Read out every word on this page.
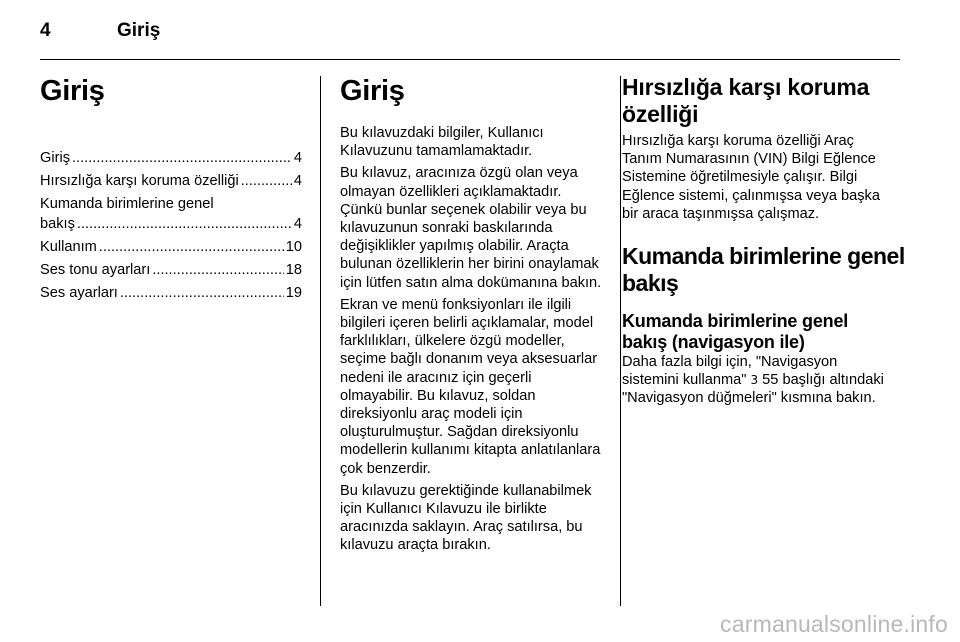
4	Giriş
Giriş
Giriş .....	4
Hırsızlığa karşı koruma özelliği .....	4
Kumanda birimlerine genel
bakış .....	4
Kullanım .....	10
Ses tonu ayarları .....	18
Ses ayarları .....	19
Giriş

Bu kılavuzdaki bilgiler, Kullanıcı Kılavuzunu tamamlamaktadır.

Bu kılavuz, aracınıza özgü olan veya olmayan özellikleri açıklamaktadır. Çünkü bunlar seçenek olabilir veya bu kılavuzunun sonraki baskılarında değişiklikler yapılmış olabilir. Araçta bulunan özelliklerin her birini onaylamak için lütfen satın alma dokümanına bakın.

Ekran ve menü fonksiyonları ile ilgili bilgileri içeren belirli açıklamalar, model farklılıkları, ülkelere özgü modeller, seçime bağlı donanım veya aksesuarlar nedeni ile aracınız için geçerli olmayabilir. Bu kılavuz, soldan direksiyonlu araç modeli için oluşturulmuştur. Sağdan direksiyonlu modellerin kullanımı kitapta anlatılanlara çok benzerdir.

Bu kılavuzu gerektiğinde kullanabilmek için Kullanıcı Kılavuzu ile birlikte aracınızda saklayın. Araç satılırsa, bu kılavuzu araçta bırakın.

Hırsızlığa karşı koruma özelliği

Hırsızlığa karşı koruma özelliği Araç Tanım Numarasının (VIN) Bilgi Eğlence Sistemine öğretilmesiyle çalışır. Bilgi Eğlence sistemi, çalınmışsa veya başka bir araca taşınmışsa çalışmaz.

Kumanda birimlerine genel bakış
Kumanda birimlerine genel bakış (navigasyon ile)

Daha fazla bilgi için, "Navigasyon sistemini kullanma" 3 55 başlığı altındaki "Navigasyon düğmeleri" kısmına bakın.

carmanualsonline.info
